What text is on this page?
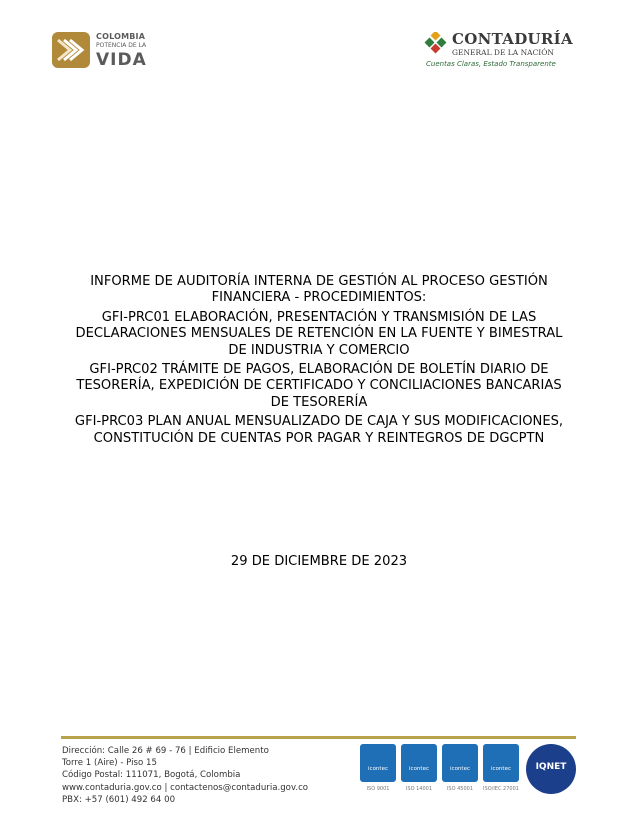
COLOMBIA
POTENCIA DE LA
VIDA
CONTADURÍA
GENERAL DE LA NACIÓN
Cuentas Claras, Estado Transparente

INFORME DE AUDITORÍA INTERNA DE GESTIÓN AL PROCESO GESTIÓN FINANCIERA - PROCEDIMIENTOS:

GFI-PRC01 ELABORACIÓN, PRESENTACIÓN Y TRANSMISIÓN DE LAS DECLARACIONES MENSUALES DE RETENCIÓN EN LA FUENTE Y BIMESTRAL DE INDUSTRIA Y COMERCIO

GFI-PRC02 TRÁMITE DE PAGOS, ELABORACIÓN DE BOLETÍN DIARIO DE TESORERÍA, EXPEDICIÓN DE CERTIFICADO Y CONCILIACIONES BANCARIAS DE TESORERÍA

GFI-PRC03 PLAN ANUAL MENSUALIZADO DE CAJA Y SUS MODIFICACIONES, CONSTITUCIÓN DE CUENTAS POR PAGAR Y REINTEGROS DE DGCPTN

29 DE DICIEMBRE DE 2023
Dirección: Calle 26 # 69 - 76 | Edificio Elemento
Torre 1 (Aire) - Piso 15
Código Postal: 111071, Bogotá, Colombia
www.contaduria.gov.co | contactenos@contaduria.gov.co
PBX: +57 (601) 492 64 00
icontec
ISO 9001
icontec
ISO 14001
icontec
ISO 45001
icontec
ISO/IEC 27001
IQNET
